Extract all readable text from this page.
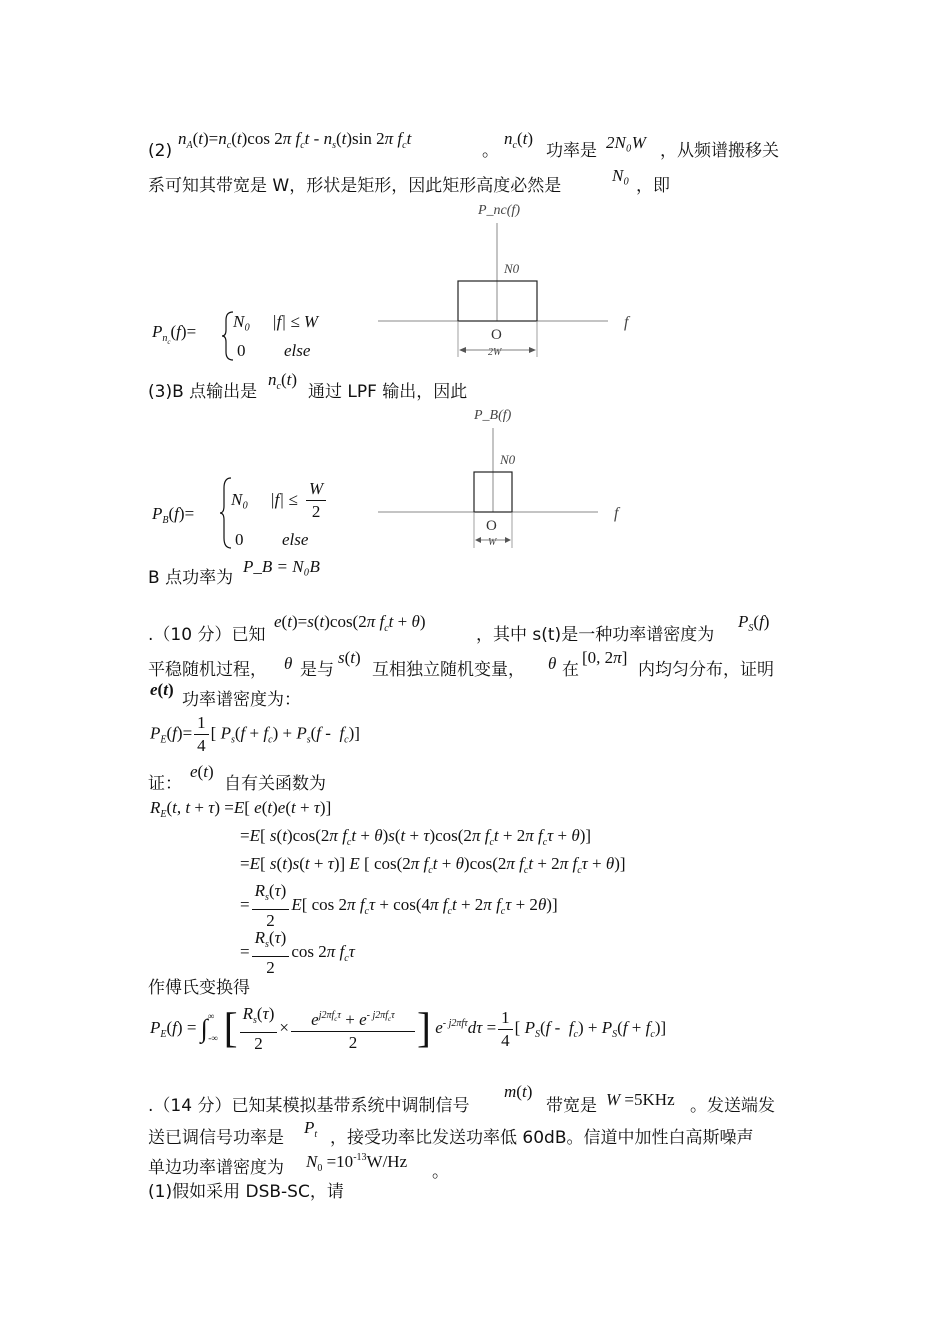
(2)
$n_A(t)=n_c(t)\cos$ 2π $f_ct - n_s(t)\sin$ 2π $f_ct$
。
$n_c(t)$
功率是 2N₀W ，从频谱搬移关
系可知其带宽是 W，形状是矩形，因此矩形高度必然是
N₀
，即
$P_{n_c}(f)=$
N₀ |f| ≤ W
0 else
P_nc(f)
N0
O
f
2W
(3)B 点输出是
$n_c(t)$
通过 LPF 输出，因此
$P_B(f)=$
N₀ $|f| \le \frac{W}{2}$
0 else
P_B(f)
N0
O
f
W
B 点功率为
P_B = N₀B
.（10 分）已知
e(t)=s(t)cos(2π $f_ct + \theta$)
，其中 s(t)是一种功率谱密度为
$P_S(f)$
平稳随机过程， θ 是与
s(t)
互相独立随机变量， θ 在
[0, 2π]
内均匀分布，证明
e(t)
功率谱密度为：
$P_E(f)= \frac{1}{4}$ [ $P_s(f + f_c) + P_s(f - f_c)$]
证：
e(t)
自有关函数为
$R_E(t$, t + τ) =E[ e(t)e(t + τ)]
=E[ s(t)cos(2π $f_ct + \theta)s(t + \tau)\cos(2\pi$ $f_ct + 2\pi$ $f_c\tau + \theta$)]
=E[ s(t)s(t + τ)] E [ cos(2π $f_ct + \theta)\cos(2\pi$ $f_ct + 2\pi$ $f_c\tau + \theta$)]
= $\frac{R_s(\tau)}{2} E$[ cos 2π $f_c\tau + \cos(4\pi$ $f_ct + 2\pi$ $f_c\tau + 2\theta$)]
= $\frac{R_s(\tau)}{2}$ cos 2π $f_c\tau$
作傅氏变换得
$P_E(f) = \int^\infty_{-\infty}$ [ $\frac{R_s(\tau)}{2} \times \frac{e^{j2\pi f_c\tau} + e^{- j2\pi f_c\tau}}{2}$ ] $e^{- j2\pi f\tau}d\tau = \frac{1}{4}$ [ $P_S(f - f_c) + P_S(f + f_c)$]
.（14 分）已知某模拟基带系统中调制信号
m(t)
带宽是 W =5KHz 。发送端发
送已调信号功率是
$P_t$ ，接受功率比发送功率低 60dB。信道中加性白高斯噪声
单边功率谱密度为 $N_0 =10^{-13}W/Hz$
。
(1)假如采用 DSB-SC，请
